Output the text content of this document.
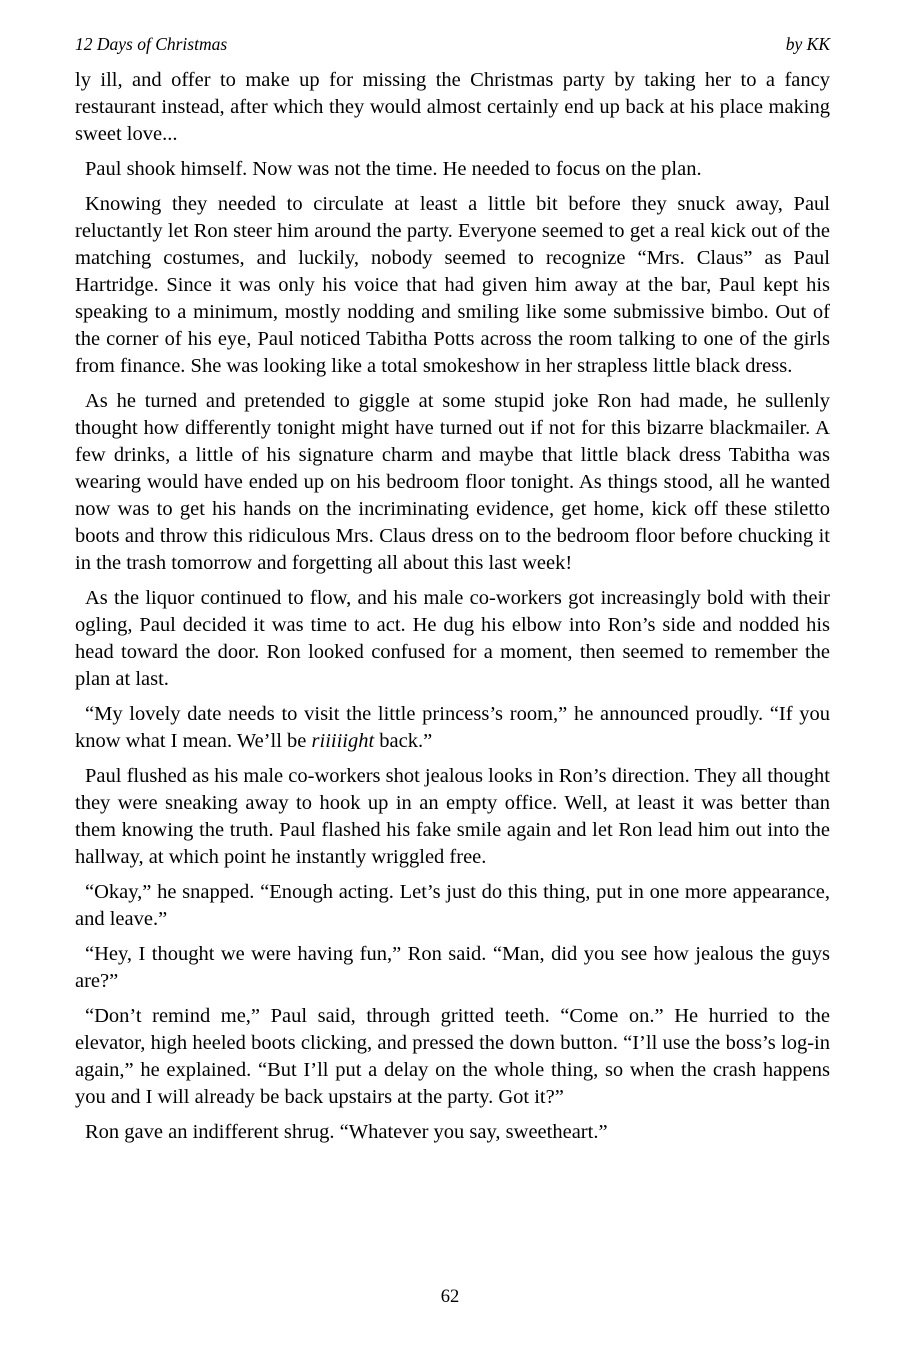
12 Days of Christmas	by KK

ly ill, and offer to make up for missing the Christmas party by taking her to a fancy restaurant instead, after which they would almost certainly end up back at his place making sweet love...

Paul shook himself. Now was not the time. He needed to focus on the plan.

Knowing they needed to circulate at least a little bit before they snuck away, Paul reluctantly let Ron steer him around the party. Everyone seemed to get a real kick out of the matching costumes, and luckily, nobody seemed to recognize “Mrs. Claus” as Paul Hartridge. Since it was only his voice that had given him away at the bar, Paul kept his speaking to a minimum, mostly nodding and smiling like some submissive bimbo. Out of the corner of his eye, Paul noticed Tabitha Potts across the room talking to one of the girls from finance. She was looking like a total smokeshow in her strapless little black dress.

As he turned and pretended to giggle at some stupid joke Ron had made, he sullenly thought how differently tonight might have turned out if not for this bizarre blackmailer. A few drinks, a little of his signature charm and maybe that little black dress Tabitha was wearing would have ended up on his bedroom floor tonight. As things stood, all he wanted now was to get his hands on the incriminating evidence, get home, kick off these stiletto boots and throw this ridiculous Mrs. Claus dress on to the bedroom floor before chucking it in the trash tomorrow and forgetting all about this last week!

As the liquor continued to flow, and his male co-workers got increasingly bold with their ogling, Paul decided it was time to act. He dug his elbow into Ron’s side and nodded his head toward the door. Ron looked confused for a moment, then seemed to remember the plan at last.

“My lovely date needs to visit the little princess’s room,” he announced proudly. “If you know what I mean. We’ll be riiiiight back.”

Paul flushed as his male co-workers shot jealous looks in Ron’s direction. They all thought they were sneaking away to hook up in an empty office. Well, at least it was better than them knowing the truth. Paul flashed his fake smile again and let Ron lead him out into the hallway, at which point he instantly wriggled free.

“Okay,” he snapped. “Enough acting. Let’s just do this thing, put in one more appearance, and leave.”

“Hey, I thought we were having fun,” Ron said. “Man, did you see how jealous the guys are?”

“Don’t remind me,” Paul said, through gritted teeth. “Come on.” He hurried to the elevator, high heeled boots clicking, and pressed the down button. “I’ll use the boss’s log-in again,” he explained. “But I’ll put a delay on the whole thing, so when the crash happens you and I will already be back upstairs at the party. Got it?”

Ron gave an indifferent shrug. “Whatever you say, sweetheart.”

62
